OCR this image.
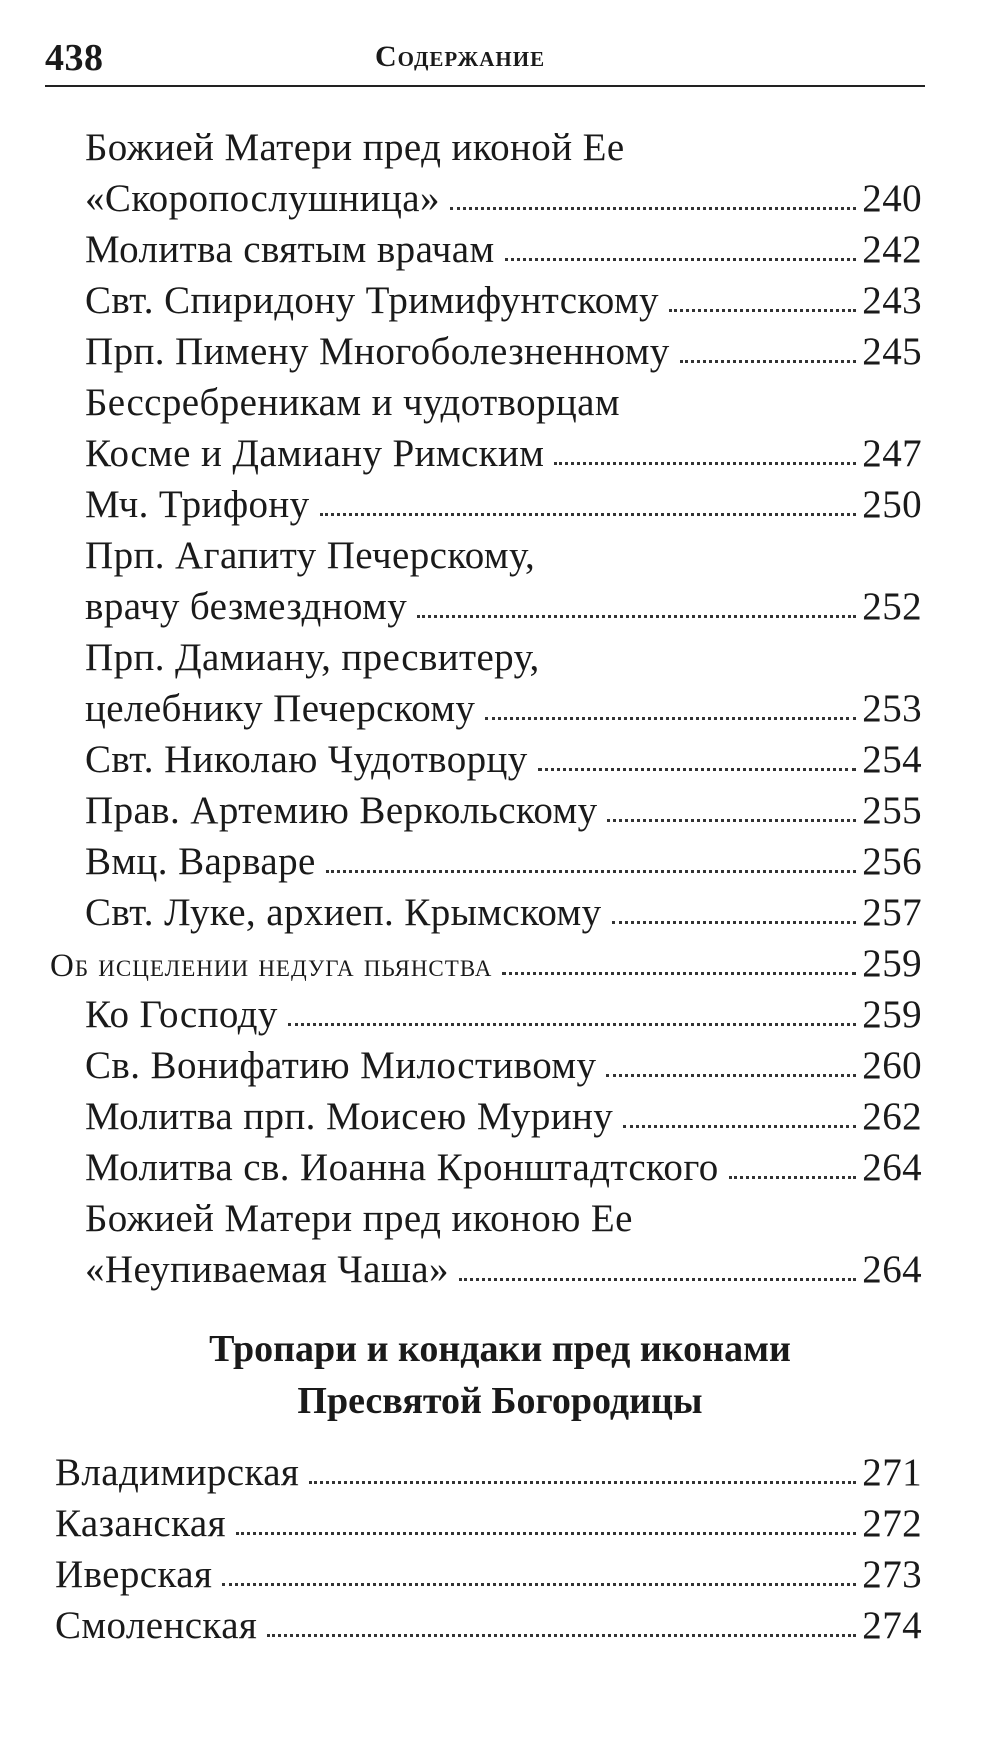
438	Содержание
Божией Матери пред иконой Ее
«Скоропослушница»	240
Молитва святым врачам	242
Свт. Спиридону Тримифунтскому	243
Прп. Пимену Многоболезненному	245
Бессребреникам и чудотворцам
Косме и Дамиану Римским	247
Мч. Трифону	250
Прп. Агапиту Печерскому,
врачу безмездному	252
Прп. Дамиану, пресвитеру,
целебнику Печерскому	253
Свт. Николаю Чудотворцу	254
Прав. Артемию Веркольскому	255
Вмц. Варваре	256
Свт. Луке, архиеп. Крымскому	257
Об исцелении недуга пьянства	259
Ко Господу	259
Св. Вонифатию Милостивому	260
Молитва прп. Моисею Мурину	262
Молитва св. Иоанна Кронштадтского	264
Божией Матери пред иконою Ее
«Неупиваемая Чаша»	264
Тропари и кондаки пред иконами
Пресвятой Богородицы
Владимирская	271
Казанская	272
Иверская	273
Смоленская	274
